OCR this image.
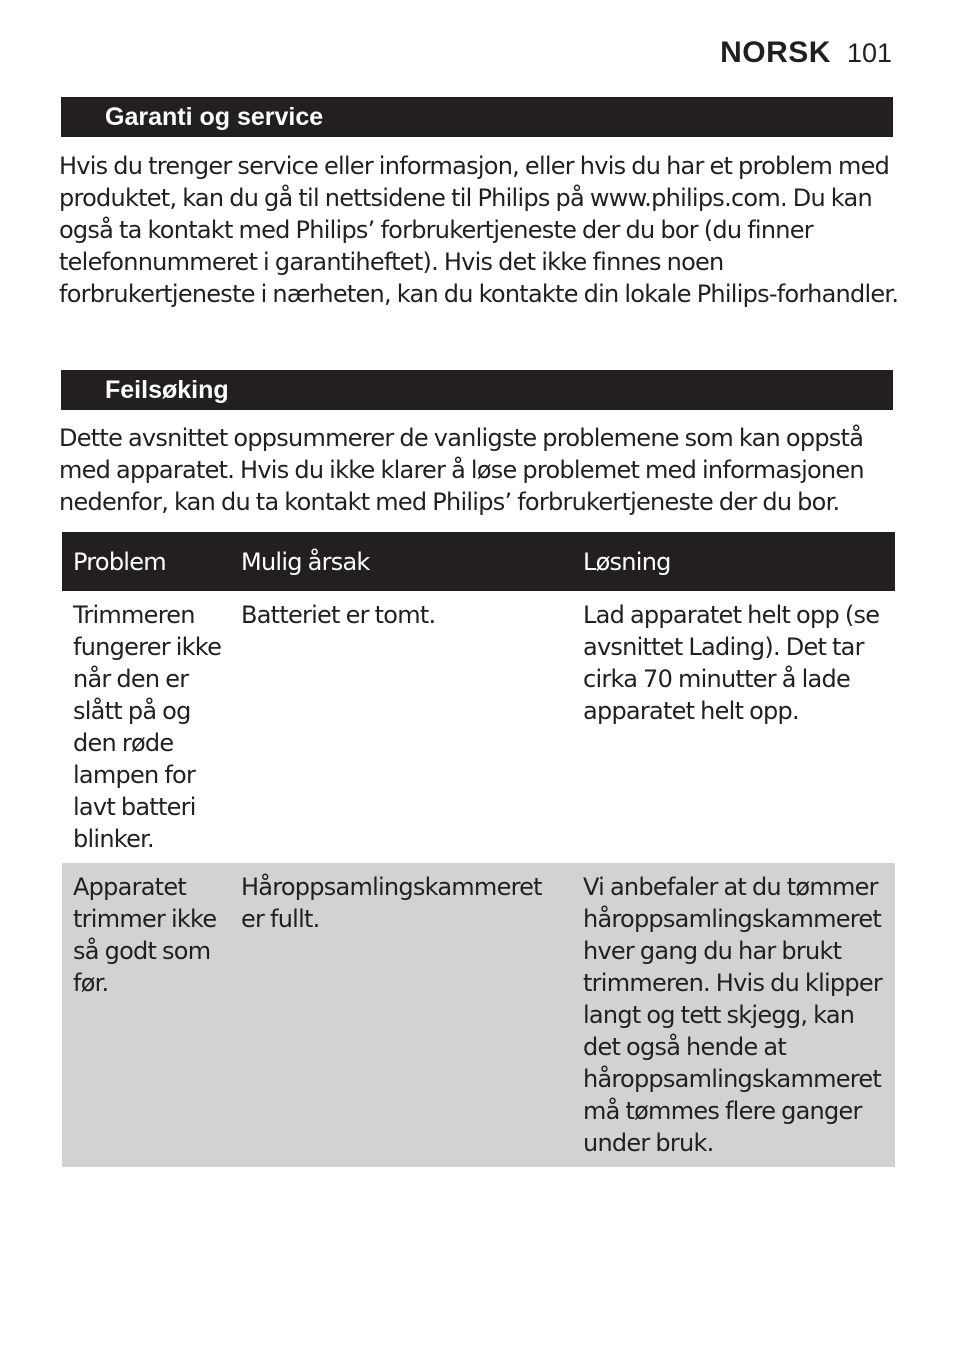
NORSK 101
Garanti og service

Hvis du trenger service eller informasjon, eller hvis du har et problem med produktet, kan du gå til nettsidene til Philips på www.philips.com. Du kan også ta kontakt med Philips’ forbrukertjeneste der du bor (du finner telefonnummeret i garantiheftet). Hvis det ikke finnes noen forbrukertjeneste i nærheten, kan du kontakte din lokale Philips-forhandler.

Feilsøking

Dette avsnittet oppsummerer de vanligste problemene som kan oppstå med apparatet. Hvis du ikke klarer å løse problemet med informasjonen nedenfor, kan du ta kontakt med Philips’ forbrukertjeneste der du bor.

Problem	Mulig årsak	Løsning
Trimmeren fungerer ikke når den er slått på og den røde lampen for lavt batteri blinker.	Batteriet er tomt.	Lad apparatet helt opp (se avsnittet Lading). Det tar cirka 70 minutter å lade apparatet helt opp.
Apparatet trimmer ikke så godt som før.	Håroppsamlingskammeret er fullt.	Vi anbefaler at du tømmer håroppsamlingskammeret hver gang du har brukt trimmeren. Hvis du klipper langt og tett skjegg, kan det også hende at håroppsamlingskammeret må tømmes flere ganger under bruk.
